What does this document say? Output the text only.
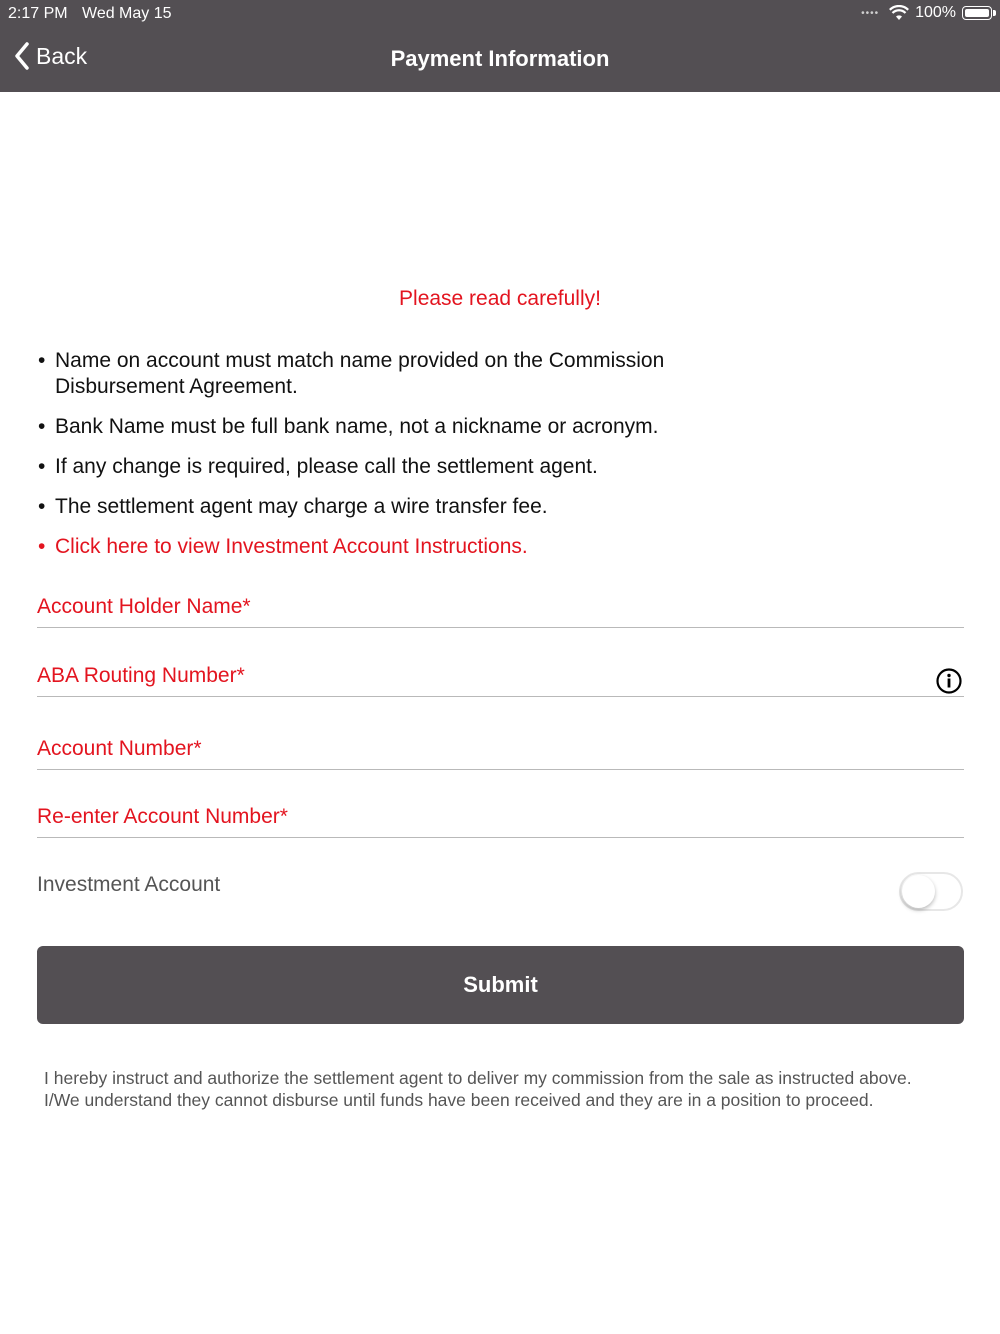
2:17 PM Wed May 15	•••• 100%
Back	Payment Information
Please read carefully!
• Name on account must match name provided on the Commission Disbursement Agreement.
• Bank Name must be full bank name, not a nickname or acronym.
• If any change is required, please call the settlement agent.
• The settlement agent may charge a wire transfer fee.
• Click here to view Investment Account Instructions.
Account Holder Name*
ABA Routing Number*
Account Number*
Re-enter Account Number*
Investment Account
Submit
I hereby instruct and authorize the settlement agent to deliver my commission from the sale as instructed above. I/We understand they cannot disburse until funds have been received and they are in a position to proceed.
